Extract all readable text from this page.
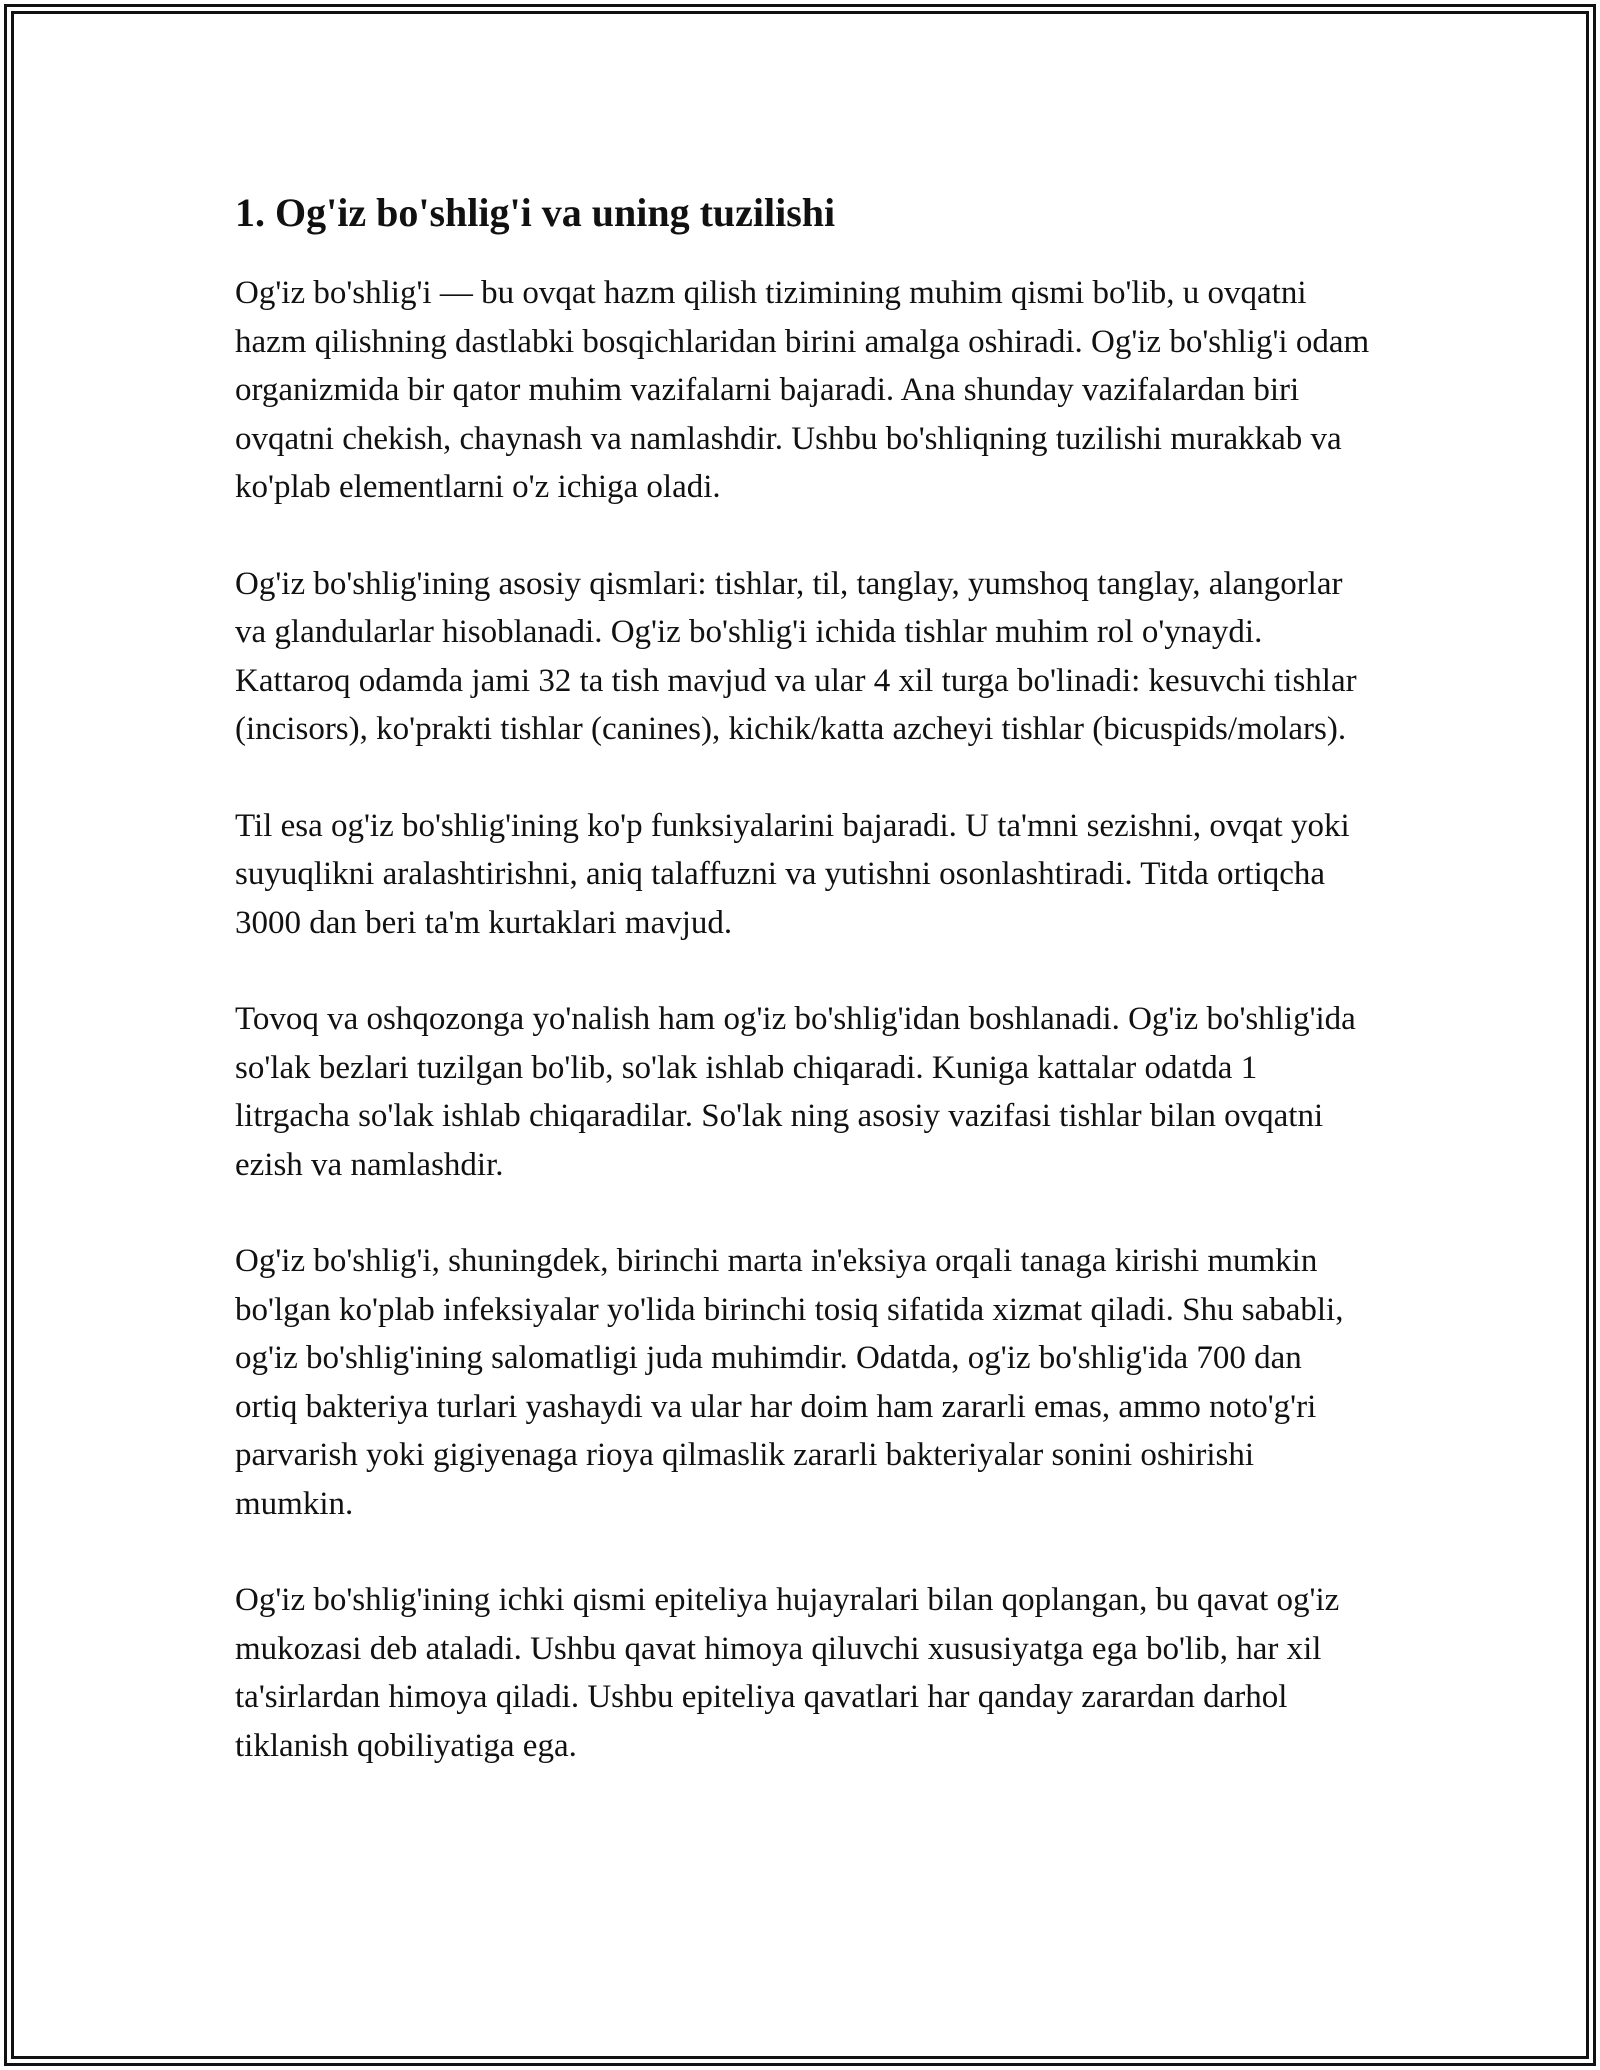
1. Og'iz bo'shlig'i va uning tuzilishi

Og'iz bo'shlig'i — bu ovqat hazm qilish tizimining muhim qismi bo'lib, u ovqatni hazm qilishning dastlabki bosqichlaridan birini amalga oshiradi. Og'iz bo'shlig'i odam organizmida bir qator muhim vazifalarni bajaradi. Ana shunday vazifalardan biri ovqatni chekish, chaynash va namlashdir. Ushbu bo'shliqning tuzilishi murakkab va ko'plab elementlarni o'z ichiga oladi.

Og'iz bo'shlig'ining asosiy qismlari: tishlar, til, tanglay, yumshoq tanglay, alangorlar va glandularlar hisoblanadi. Og'iz bo'shlig'i ichida tishlar muhim rol o'ynaydi. Kattaroq odamda jami 32 ta tish mavjud va ular 4 xil turga bo'linadi: kesuvchi tishlar (incisors), ko'prakti tishlar (canines), kichik/katta azcheyi tishlar (bicuspids/molars).

Til esa og'iz bo'shlig'ining ko'p funksiyalarini bajaradi. U ta'mni sezishni, ovqat yoki suyuqlikni aralashtirishni, aniq talaffuzni va yutishni osonlashtiradi. Titda ortiqcha 3000 dan beri ta'm kurtaklari mavjud.

Tovoq va oshqozonga yo'nalish ham og'iz bo'shlig'idan boshlanadi. Og'iz bo'shlig'ida so'lak bezlari tuzilgan bo'lib, so'lak ishlab chiqaradi. Kuniga kattalar odatda 1 litrgacha so'lak ishlab chiqaradilar. So'lak ning asosiy vazifasi tishlar bilan ovqatni ezish va namlashdir.

Og'iz bo'shlig'i, shuningdek, birinchi marta in'eksiya orqali tanaga kirishi mumkin bo'lgan ko'plab infeksiyalar yo'lida birinchi tosiq sifatida xizmat qiladi. Shu sababli, og'iz bo'shlig'ining salomatligi juda muhimdir. Odatda, og'iz bo'shlig'ida 700 dan ortiq bakteriya turlari yashaydi va ular har doim ham zararli emas, ammo noto'g'ri parvarish yoki gigiyenaga rioya qilmaslik zararli bakteriyalar sonini oshirishi mumkin.

Og'iz bo'shlig'ining ichki qismi epiteliya hujayralari bilan qoplangan, bu qavat og'iz mukozasi deb ataladi. Ushbu qavat himoya qiluvchi xususiyatga ega bo'lib, har xil ta'sirlardan himoya qiladi. Ushbu epiteliya qavatlari har qanday zarardan darhol tiklanish qobiliyatiga ega.
